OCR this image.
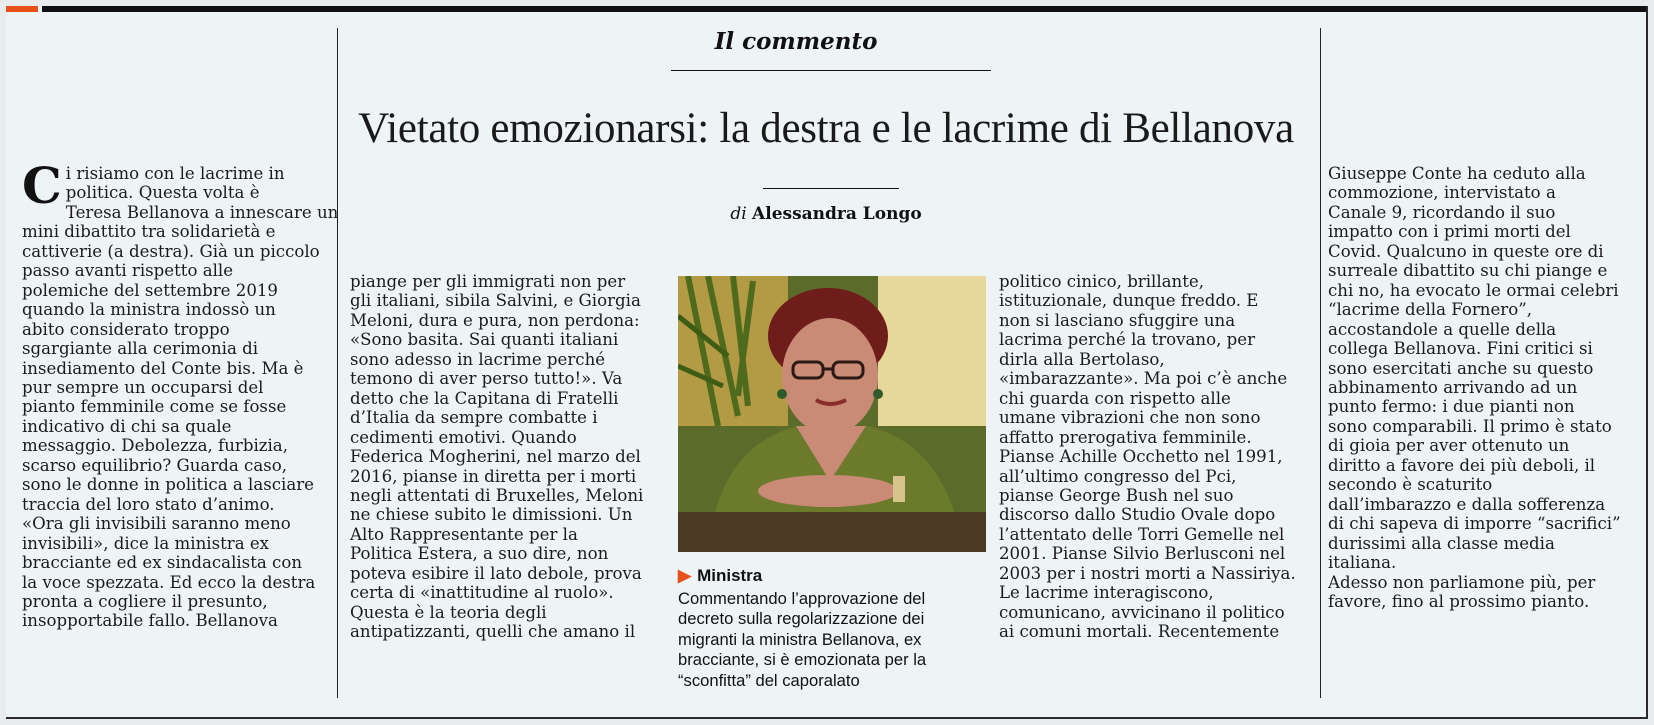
Il commento
Vietato emozionarsi: la destra e le lacrime di Bellanova
di Alessandra Longo
C i risiamo con le lacrime in
politica. Questa volta è
Teresa Bellanova a innescare un
mini dibattito tra solidarietà e
cattiverie (a destra). Già un piccolo
passo avanti rispetto alle
polemiche del settembre 2019
quando la ministra indossò un
abito considerato troppo
sgargiante alla cerimonia di
insediamento del Conte bis. Ma è
pur sempre un occuparsi del
pianto femminile come se fosse
indicativo di chi sa quale
messaggio. Debolezza, furbizia,
scarso equilibrio? Guarda caso,
sono le donne in politica a lasciare
traccia del loro stato d’animo.
«Ora gli invisibili saranno meno
invisibili», dice la ministra ex
bracciante ed ex sindacalista con
la voce spezzata. Ed ecco la destra
pronta a cogliere il presunto,
insopportabile fallo. Bellanova
piange per gli immigrati non per
gli italiani, sibila Salvini, e Giorgia
Meloni, dura e pura, non perdona:
«Sono basita. Sai quanti italiani
sono adesso in lacrime perché
temono di aver perso tutto!». Va
detto che la Capitana di Fratelli
d’Italia da sempre combatte i
cedimenti emotivi. Quando
Federica Mogherini, nel marzo del
2016, pianse in diretta per i morti
negli attentati di Bruxelles, Meloni
ne chiese subito le dimissioni. Un
Alto Rappresentante per la
Politica Estera, a suo dire, non
poteva esibire il lato debole, prova
certa di «inattitudine al ruolo».
Questa è la teoria degli
antipatizzanti, quelli che amano il
▶ Ministra
Commentando l’approvazione del
decreto sulla regolarizzazione dei
migranti la ministra Bellanova, ex
bracciante, si è emozionata per la
“sconfitta” del caporalato
politico cinico, brillante,
istituzionale, dunque freddo. E
non si lasciano sfuggire una
lacrima perché la trovano, per
dirla alla Bertolaso,
«imbarazzante». Ma poi c’è anche
chi guarda con rispetto alle
umane vibrazioni che non sono
affatto prerogativa femminile.
Pianse Achille Occhetto nel 1991,
all’ultimo congresso del Pci,
pianse George Bush nel suo
discorso dallo Studio Ovale dopo
l’attentato delle Torri Gemelle nel
2001. Pianse Silvio Berlusconi nel
2003 per i nostri morti a Nassiriya.
Le lacrime interagiscono,
comunicano, avvicinano il politico
ai comuni mortali. Recentemente
Giuseppe Conte ha ceduto alla
commozione, intervistato a
Canale 9, ricordando il suo
impatto con i primi morti del
Covid. Qualcuno in queste ore di
surreale dibattito su chi piange e
chi no, ha evocato le ormai celebri
“lacrime della Fornero”,
accostandole a quelle della
collega Bellanova. Fini critici si
sono esercitati anche su questo
abbinamento arrivando ad un
punto fermo: i due pianti non
sono comparabili. Il primo è stato
di gioia per aver ottenuto un
diritto a favore dei più deboli, il
secondo è scaturito
dall’imbarazzo e dalla sofferenza
di chi sapeva di imporre “sacrifici”
durissimi alla classe media
italiana.
Adesso non parliamone più, per
favore, fino al prossimo pianto.
